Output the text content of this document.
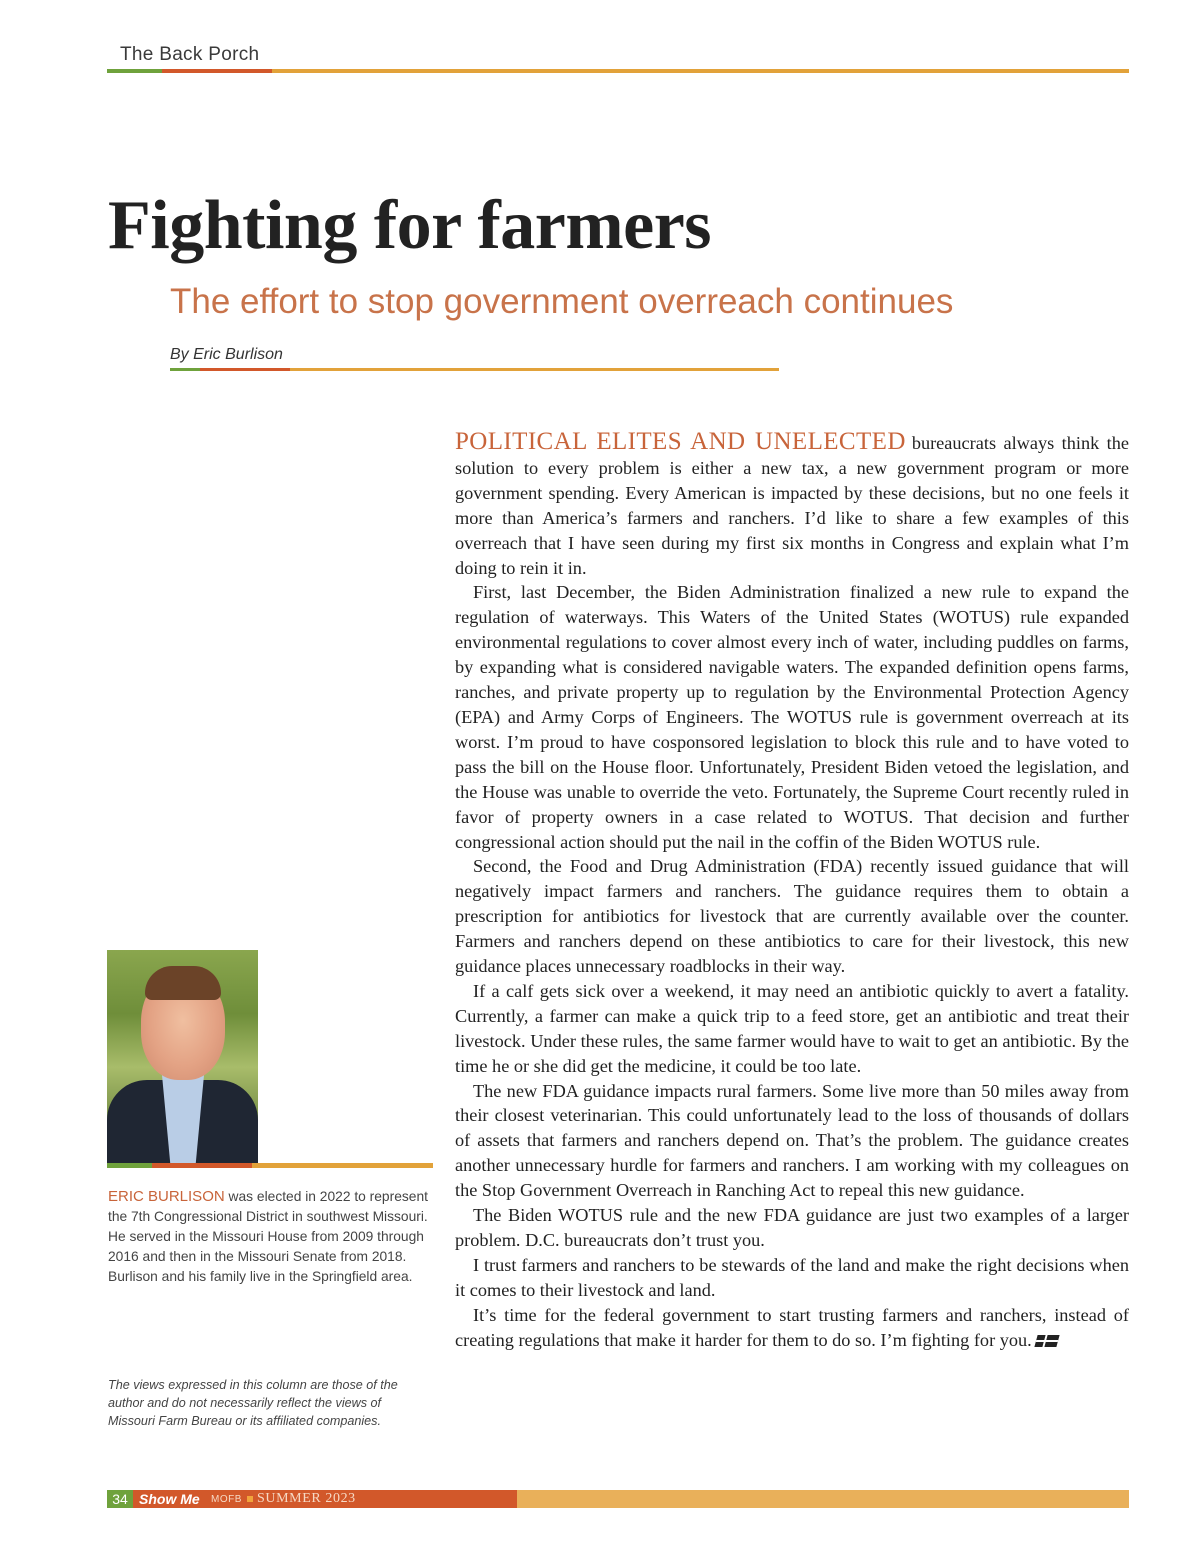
The Back Porch
Fighting for farmers
The effort to stop government overreach continues
By Eric Burlison

POLITICAL ELITES AND UNELECTED bureaucrats always think the solution to every problem is either a new tax, a new government program or more government spending. Every American is impacted by these decisions, but no one feels it more than America’s farmers and ranchers. I’d like to share a few examples of this overreach that I have seen during my first six months in Congress and explain what I’m doing to rein it in.

First, last December, the Biden Administration finalized a new rule to expand the regulation of waterways. This Waters of the United States (WOTUS) rule expanded environmental regulations to cover almost every inch of water, including puddles on farms, by expanding what is considered navigable waters. The expanded definition opens farms, ranches, and private property up to regulation by the Environmental Protection Agency (EPA) and Army Corps of Engineers. The WOTUS rule is government overreach at its worst. I’m proud to have cosponsored legislation to block this rule and to have voted to pass the bill on the House floor. Unfortunately, President Biden vetoed the legislation, and the House was unable to override the veto. Fortunately, the Supreme Court recently ruled in favor of property owners in a case related to WOTUS. That decision and further congressional action should put the nail in the coffin of the Biden WOTUS rule.

Second, the Food and Drug Administration (FDA) recently issued guidance that will negatively impact farmers and ranchers. The guidance requires them to obtain a prescription for antibiotics for livestock that are currently available over the counter. Farmers and ranchers depend on these antibiotics to care for their livestock, this new guidance places unnecessary roadblocks in their way.

If a calf gets sick over a weekend, it may need an antibiotic quickly to avert a fatality. Currently, a farmer can make a quick trip to a feed store, get an antibiotic and treat their livestock. Under these rules, the same farmer would have to wait to get an antibiotic. By the time he or she did get the medicine, it could be too late.

The new FDA guidance impacts rural farmers. Some live more than 50 miles away from their closest veterinarian. This could unfortunately lead to the loss of thousands of dollars of assets that farmers and ranchers depend on. That’s the problem. The guidance creates another unnecessary hurdle for farmers and ranchers. I am working with my colleagues on the Stop Government Overreach in Ranching Act to repeal this new guidance.

The Biden WOTUS rule and the new FDA guidance are just two examples of a larger problem. D.C. bureaucrats don’t trust you.

I trust farmers and ranchers to be stewards of the land and make the right decisions when it comes to their livestock and land.

It’s time for the federal government to start trusting farmers and ranchers, instead of creating regulations that make it harder for them to do so. I’m fighting for you.

ERIC BURLISON was elected in 2022 to represent the 7th Congressional District in southwest Missouri. He served in the Missouri House from 2009 through 2016 and then in the Missouri Senate from 2018. Burlison and his family live in the Springfield area.
The views expressed in this column are those of the author and do not necessarily reflect the views of Missouri Farm Bureau or its affiliated companies.
34 Show Me MOFB SUMMER 2023
